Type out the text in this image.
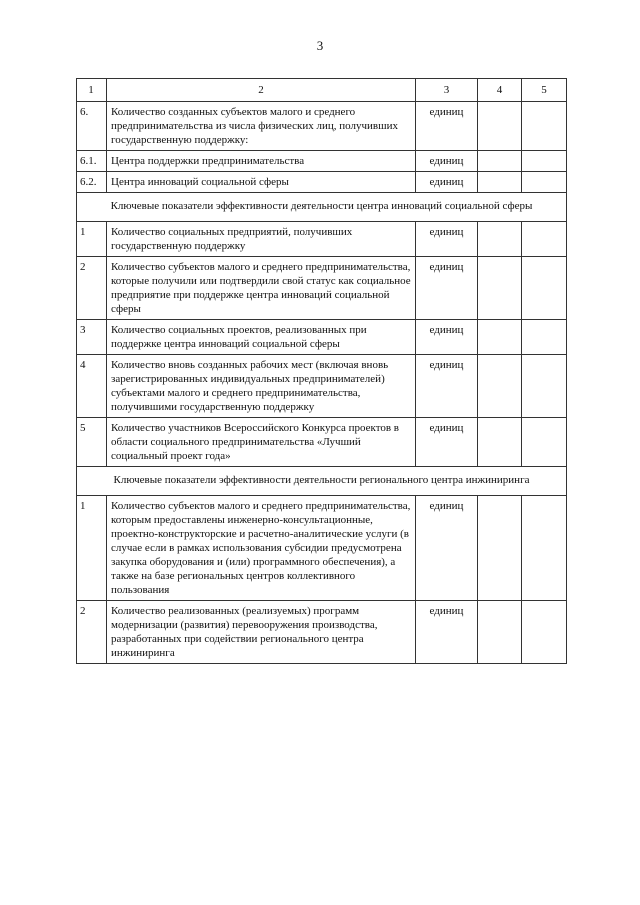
3
1	2	3	4	5
6.	Количество созданных субъектов малого и среднего предпринимательства из числа физических лиц, получивших государственную поддержку:	единиц		
6.1.	Центра поддержки предпринимательства	единиц		
6.2.	Центра инноваций социальной сферы	единиц		
Ключевые показатели эффективности деятельности центра инноваций социальной сферы				
1	Количество социальных предприятий, получивших государственную поддержку	единиц		
2	Количество субъектов малого и среднего предпринимательства, которые получили или подтвердили свой статус как социальное предприятие при поддержке центра инноваций социальной сферы	единиц		
3	Количество социальных проектов, реализованных при поддержке центра инноваций социальной сферы	единиц		
4	Количество вновь созданных рабочих мест (включая вновь зарегистрированных индивидуальных предпринимателей) субъектами малого и среднего предпринимательства, получившими государственную поддержку	единиц		
5	Количество участников Всероссийского Конкурса проектов в области социального предпринимательства «Лучший социальный проект года»	единиц		
Ключевые показатели эффективности деятельности регионального центра инжиниринга				
1	Количество субъектов малого и среднего предпринимательства, которым предоставлены инженерно-консультационные, проектно-конструкторские и расчетно-аналитические услуги (в случае если в рамках использования субсидии предусмотрена закупка оборудования и (или) программного обеспечения), а также на базе региональных центров коллективного пользования	единиц		
2	Количество реализованных (реализуемых) программ модернизации (развития) перевооружения производства, разработанных при содействии регионального центра инжиниринга	единиц		
